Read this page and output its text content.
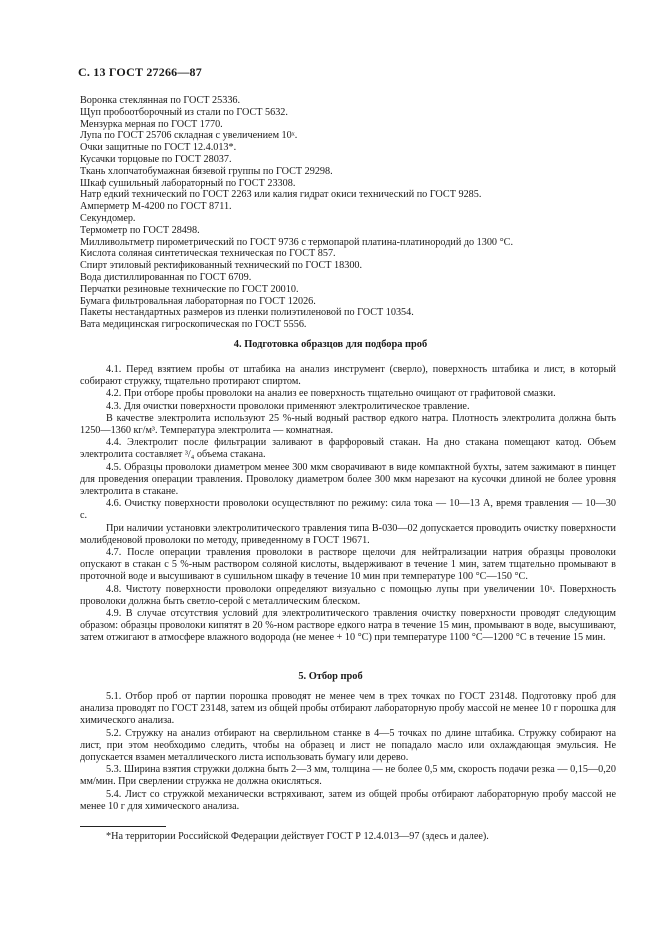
С. 13 ГОСТ 27266—87
Воронка стеклянная по ГОСТ 25336.
Щуп пробоотборочный из стали по ГОСТ 5632.
Мензурка мерная по ГОСТ 1770.
Лупа по ГОСТ 25706 складная с увеличением 10ˣ.
Очки защитные по ГОСТ 12.4.013*.
Кусачки торцовые по ГОСТ 28037.
Ткань хлопчатобумажная бязевой группы по ГОСТ 29298.
Шкаф сушильный лабораторный по ГОСТ 23308.
Натр едкий технический по ГОСТ 2263 или калия гидрат окиси технический по ГОСТ 9285.
Амперметр М-4200 по ГОСТ 8711.
Секундомер.
Термометр по ГОСТ 28498.
Милливольтметр пирометрический по ГОСТ 9736 с термопарой платина-платинородий до 1300 °С.
Кислота соляная синтетическая техническая по ГОСТ 857.
Спирт этиловый ректификованный технический по ГОСТ 18300.
Вода дистиллированная по ГОСТ 6709.
Перчатки резиновые технические по ГОСТ 20010.
Бумага фильтровальная лабораторная по ГОСТ 12026.
Пакеты нестандартных размеров из пленки полиэтиленовой по ГОСТ 10354.
Вата медицинская гигроскопическая по ГОСТ 5556.
4. Подготовка образцов для подбора проб

4.1. Перед взятием пробы от штабика на анализ инструмент (сверло), поверхность штабика и лист, в который собирают стружку, тщательно протирают спиртом.

4.2. При отборе пробы проволоки на анализ ее поверхность тщательно очищают от графитовой смазки.

4.3. Для очистки поверхности проволоки применяют электролитическое травление.

В качестве электролита используют 25 %-ный водный раствор едкого натра. Плотность электролита должна быть 1250—1360 кг/м³. Температура электролита — комнатная.

4.4. Электролит после фильтрации заливают в фарфоровый стакан. На дно стакана помещают катод. Объем электролита составляет ³/₄ объема стакана.

4.5. Образцы проволоки диаметром менее 300 мкм сворачивают в виде компактной бухты, затем зажимают в пинцет для проведения операции травления. Проволоку диаметром более 300 мкм нарезают на кусочки длиной не более уровня электролита в стакане.

4.6. Очистку поверхности проволоки осуществляют по режиму: сила тока — 10—13 А, время травления — 10—30 с.

При наличии установки электролитического травления типа В-030—02 допускается проводить очистку поверхности молибденовой проволоки по методу, приведенному в ГОСТ 19671.

4.7. После операции травления проволоки в растворе щелочи для нейтрализации натрия образцы проволоки опускают в стакан с 5 %-ным раствором соляной кислоты, выдерживают в течение 1 мин, затем тщательно промывают в проточной воде и высушивают в сушильном шкафу в течение 10 мин при температуре 100 °С—150 °С.

4.8. Чистоту поверхности проволоки определяют визуально с помощью лупы при увеличении 10ˣ. Поверхность проволоки должна быть светло-серой с металлическим блеском.

4.9. В случае отсутствия условий для электролитического травления очистку поверхности проводят следующим образом: образцы проволоки кипятят в 20 %-ном растворе едкого натра в течение 15 мин, промывают в воде, высушивают, затем отжигают в атмосфере влажного водорода (не менее + 10 °С) при температуре 1100 °С—1200 °С в течение 15 мин.

5. Отбор проб

5.1. Отбор проб от партии порошка проводят не менее чем в трех точках по ГОСТ 23148. Подготовку проб для анализа проводят по ГОСТ 23148, затем из общей пробы отбирают лабораторную пробу массой не менее 10 г порошка для химического анализа.

5.2. Стружку на анализ отбирают на сверлильном станке в 4—5 точках по длине штабика. Стружку собирают на лист, при этом необходимо следить, чтобы на образец и лист не попадало масло или охлаждающая эмульсия. Не допускается взамен металлического листа использовать бумагу или дерево.

5.3. Ширина взятия стружки должна быть 2—3 мм, толщина — не более 0,5 мм, скорость подачи резка — 0,15—0,20 мм/мин. При сверлении стружка не должна окисляться.

5.4. Лист со стружкой механически встряхивают, затем из общей пробы отбирают лабораторную пробу массой не менее 10 г для химического анализа.

*На территории Российской Федерации действует ГОСТ Р 12.4.013—97 (здесь и далее).
